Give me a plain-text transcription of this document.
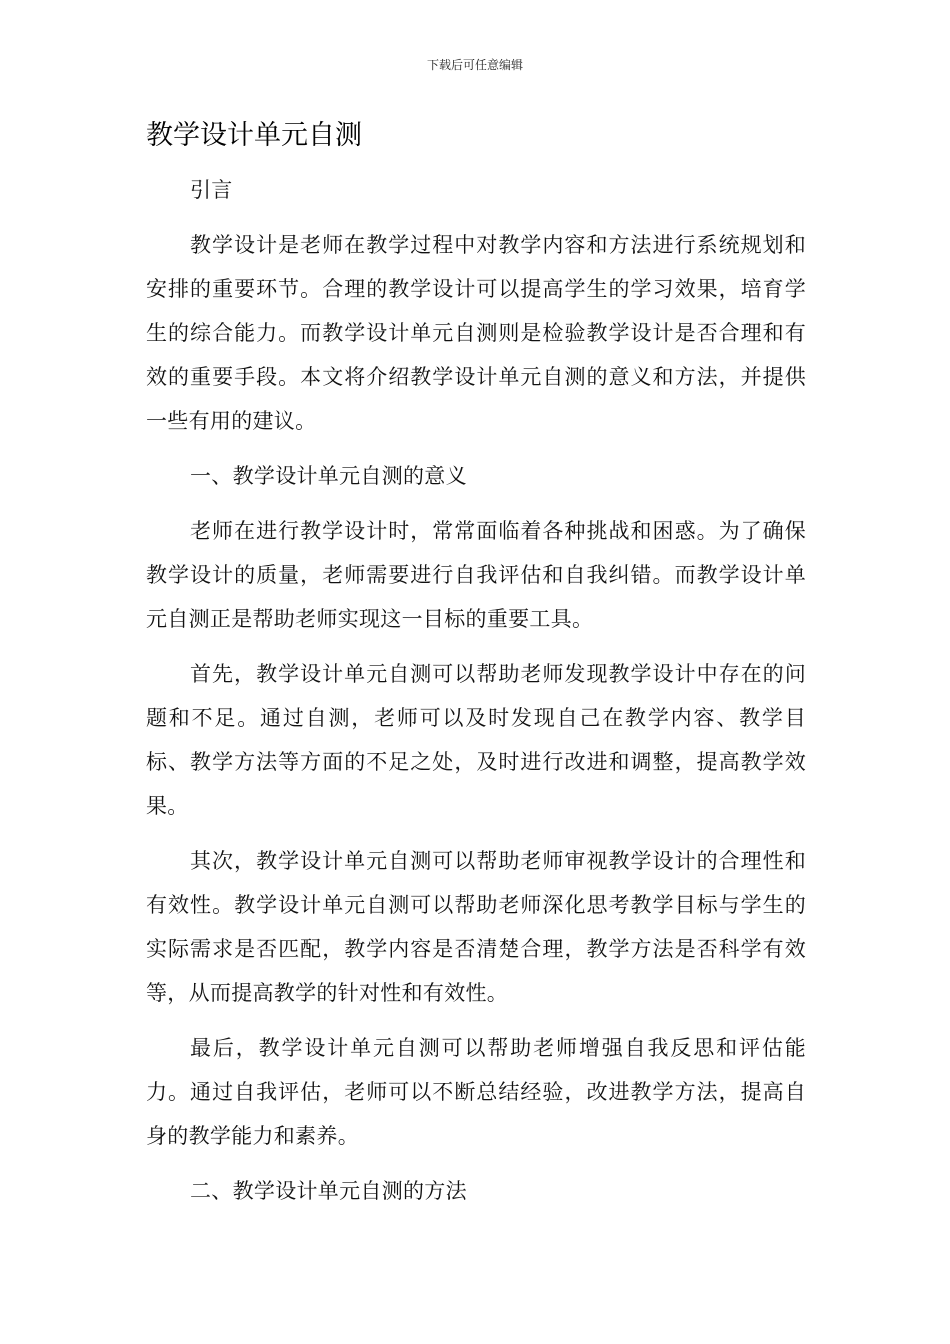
下载后可任意编辑
教学设计单元自测

引言

教学设计是老师在教学过程中对教学内容和方法进行系统规划和安排的重要环节。合理的教学设计可以提高学生的学习效果，培育学生的综合能力。而教学设计单元自测则是检验教学设计是否合理和有效的重要手段。本文将介绍教学设计单元自测的意义和方法，并提供一些有用的建议。

一、教学设计单元自测的意义

老师在进行教学设计时，常常面临着各种挑战和困惑。为了确保教学设计的质量，老师需要进行自我评估和自我纠错。而教学设计单元自测正是帮助老师实现这一目标的重要工具。

首先，教学设计单元自测可以帮助老师发现教学设计中存在的问题和不足。通过自测，老师可以及时发现自己在教学内容、教学目标、教学方法等方面的不足之处，及时进行改进和调整，提高教学效果。

其次，教学设计单元自测可以帮助老师审视教学设计的合理性和有效性。教学设计单元自测可以帮助老师深化思考教学目标与学生的实际需求是否匹配，教学内容是否清楚合理，教学方法是否科学有效等，从而提高教学的针对性和有效性。

最后，教学设计单元自测可以帮助老师增强自我反思和评估能力。通过自我评估，老师可以不断总结经验，改进教学方法，提高自身的教学能力和素养。

二、教学设计单元自测的方法
